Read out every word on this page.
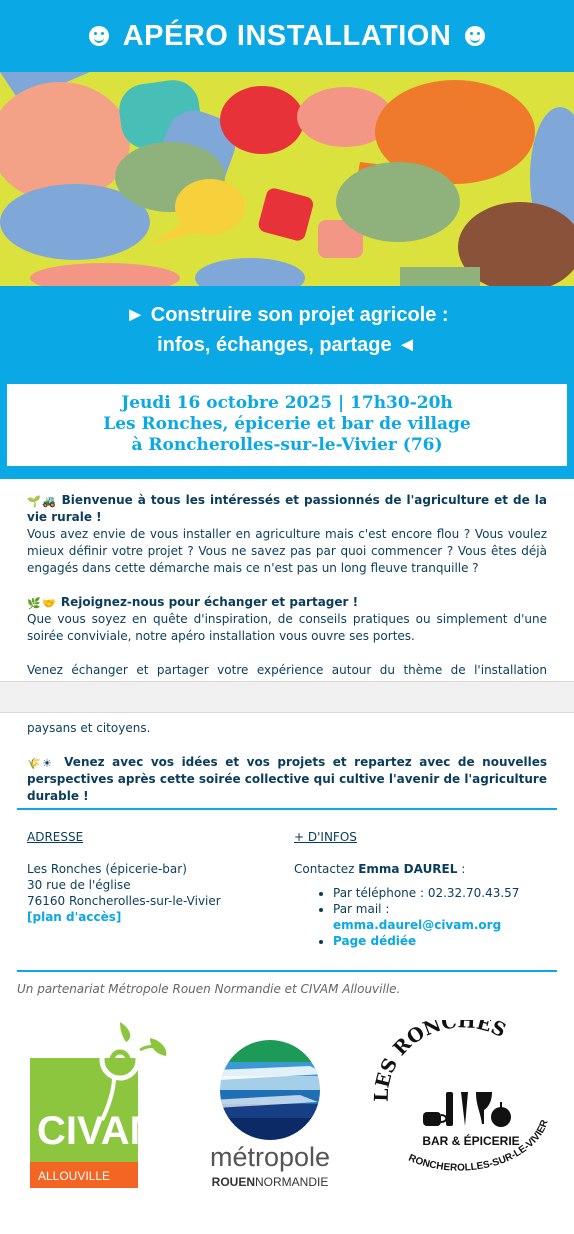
APÉRO INSTALLATION
► Construire son projet agricole :
infos, échanges, partage ◄
Jeudi 16 octobre 2025 | 17h30-20h
Les Ronches, épicerie et bar de village
à Roncherolles-sur-le-Vivier (76)

🌱🚜 Bienvenue à tous les intéressés et passionnés de l'agriculture et de la vie rurale !
Vous avez envie de vous installer en agriculture mais c'est encore flou ? Vous voulez mieux définir votre projet ? Vous ne savez pas par quoi commencer ? Vous êtes déjà engagés dans cette démarche mais ce n'est pas un long fleuve tranquille ?

🌿🤝 Rejoignez-nous pour échanger et partager !
Que vous soyez en quête d'inspiration, de conseils pratiques ou simplement d'une soirée conviviale, notre apéro installation vous ouvre ses portes.

Venez échanger et partager votre expérience autour du thème de l'installation

paysans et citoyens.

🌾☀ Venez avec vos idées et vos projets et repartez avec de nouvelles perspectives après cette soirée collective qui cultive l'avenir de l'agriculture durable !

ADRESSE	+ D'INFOS
Les Ronches (épicerie-bar)
30 rue de l'église
76160 Roncherolles-sur-le-Vivier
[plan d'accès]
Contactez Emma DAUREL :
• Par téléphone : 02.32.70.43.57
• Par mail :
emma.daurel@civam.org
• Page dédiée
Un partenariat Métropole Rouen Normandie et CIVAM Allouville.
CIVAM
ALLOUVILLE
métropole
ROUENNORMANDIE
LES RONCHES
BAR & ÉPICERIE
RONCHEROLLES-SUR-LE-VIVIER
